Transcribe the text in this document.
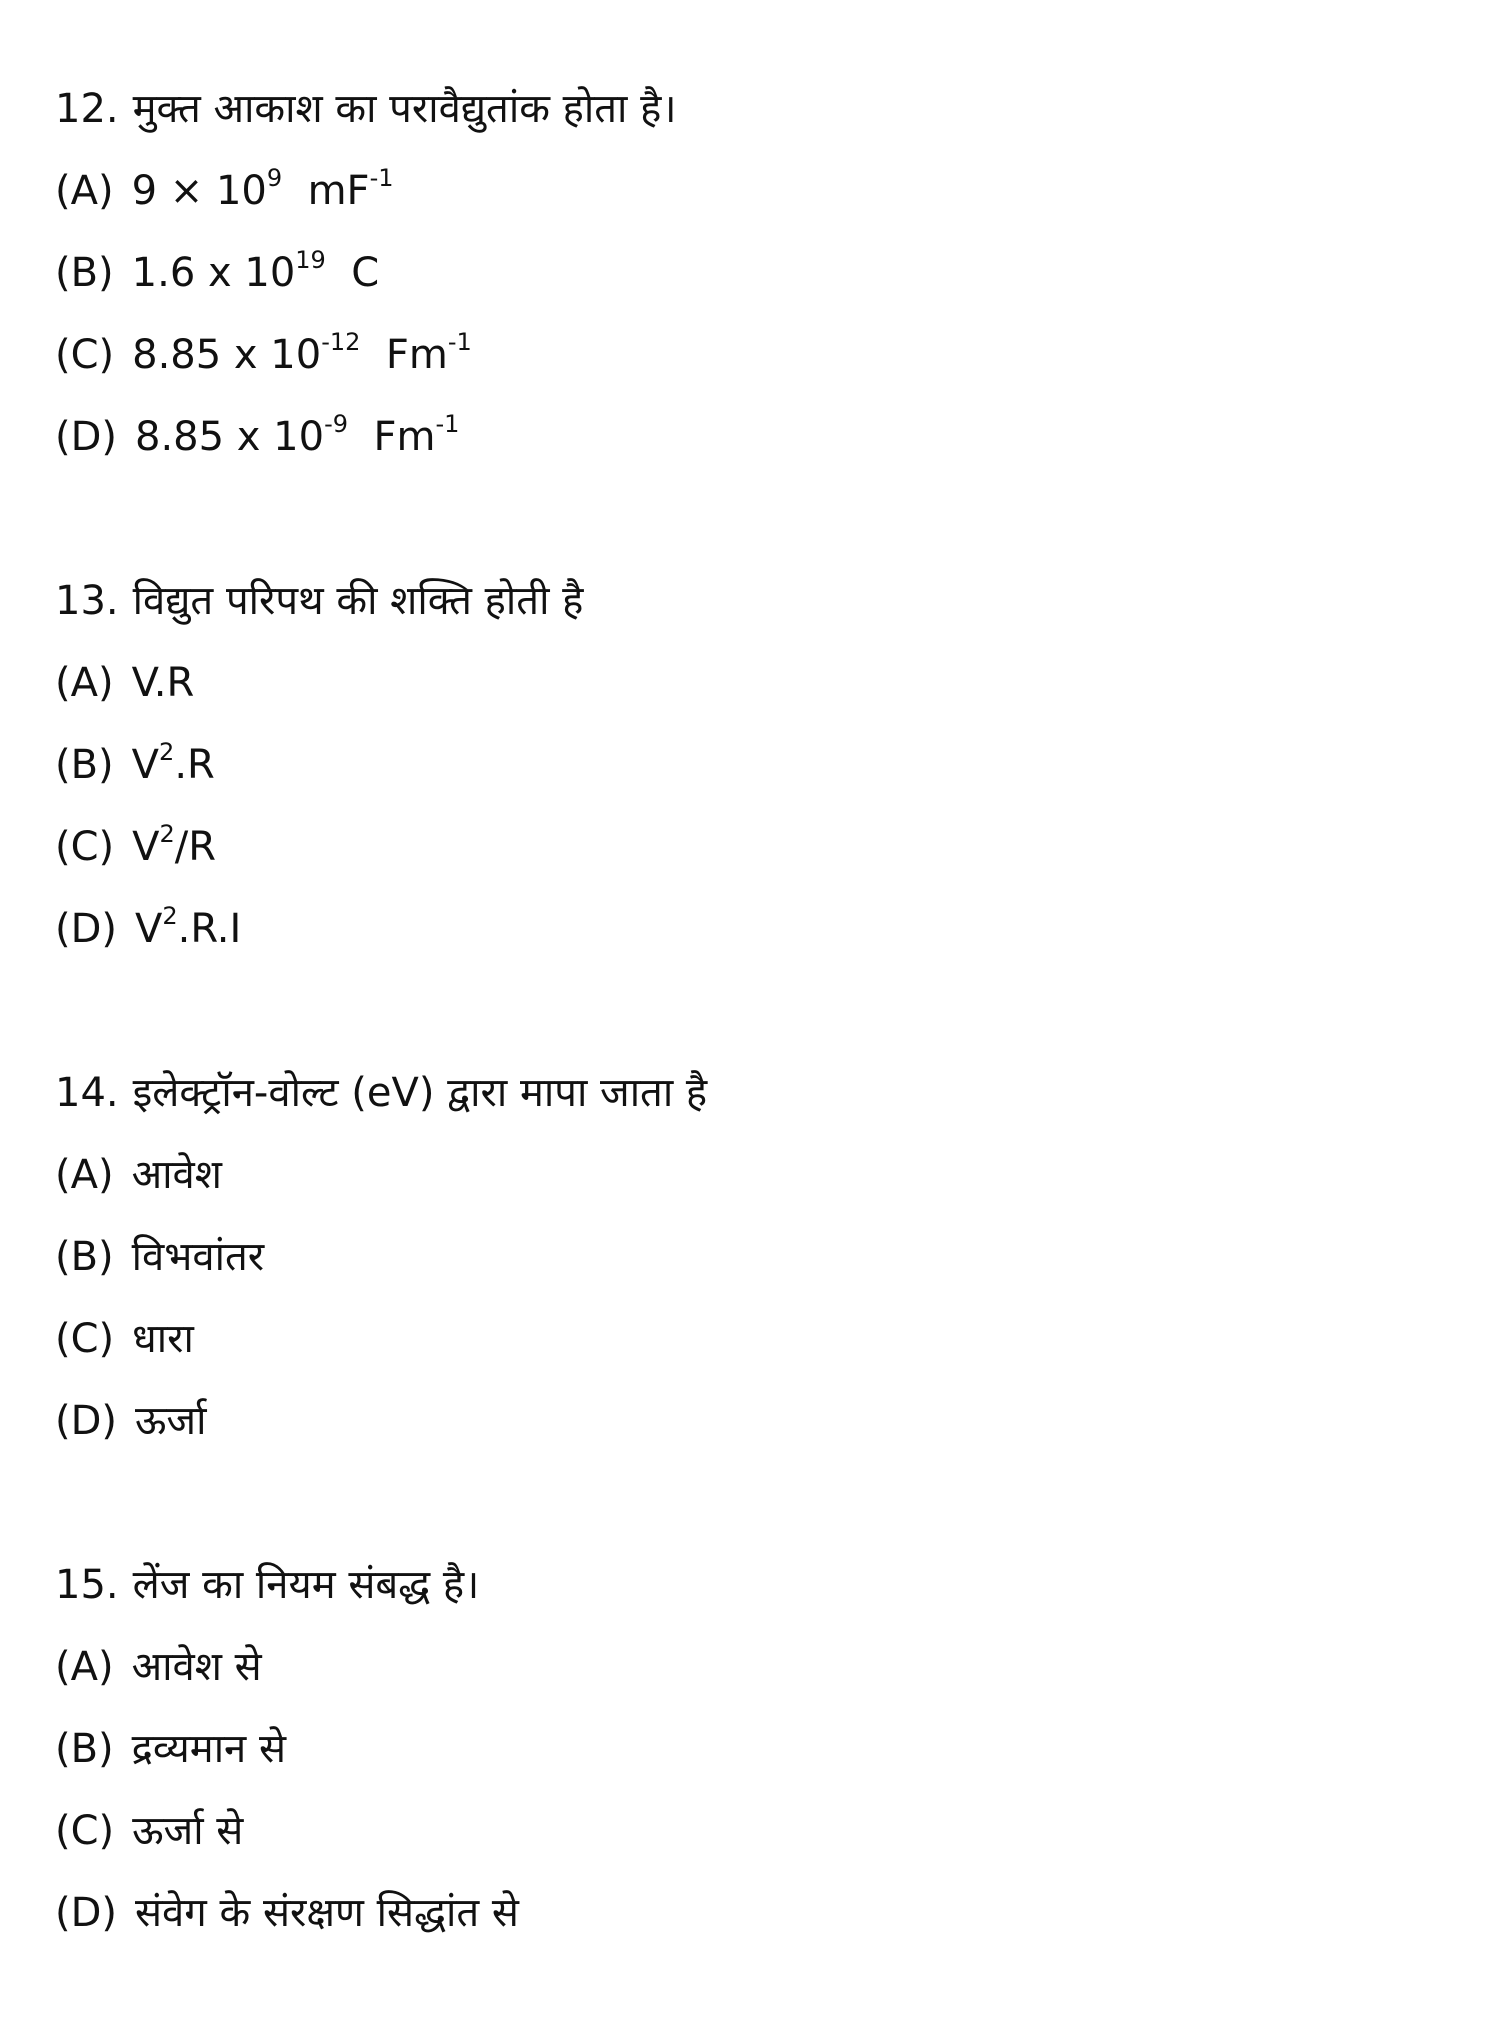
12. मुक्त आकाश का परावैद्युतांक होता है।
(A) $9 \times 10^9$ $mF^{-1}$
(B) 1.6 x $10^{19}$ C
(C) 8.85 x $10^{-12}$ $Fm^{-1}$
(D) 8.85 x $10^{-9}$ $Fm^{-1}$
13. विद्युत परिपथ की शक्ति होती है
(A) V.R
(B) $V^2.R$
(C) $V^2/R$
(D) $V^2.R.I$
14. इलेक्ट्रॉन-वोल्ट (eV) द्वारा मापा जाता है
(A) आवेश
(B) विभवांतर
(C) धारा
(D) ऊर्जा
15. लेंज का नियम संबद्ध है।
(A) आवेश से
(B) द्रव्यमान से
(C) ऊर्जा से
(D) संवेग के संरक्षण सिद्धांत से
